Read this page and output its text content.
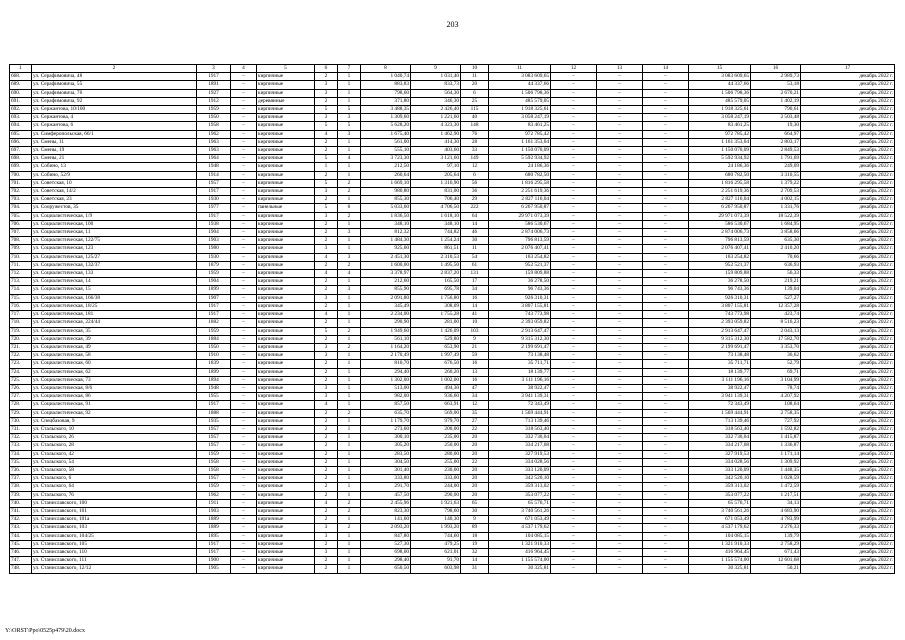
203
1	2	3	4	5	6	7	8	9	10	11	12	13	14	15	16	17
668.	ул. Серафимовича, 48	1917	–	кирпичные	2	1	1 040,74	1 031,40	11	3 083 609,65	–	–	–	3 083 609,65	2 989,73	декабрь 2022 г.
689.	ул. Серафимовича, 55	1891	–	кирпичные	3	1	883,83	833,73	20	44 337,66	–	–	–	44 337,66	53,18	декабрь 2022 г.
690.	ул. Серафимовича, 76	1927	–	кирпичные	3	1	798,60	564,30	6	1 506 798,36	–	–	–	1 506 798,36	2 670,21	декабрь 2022 г.
691.	ул. Серафимовича, 92	1912	–	деревянные	2	1	371,80	346,30	25	485 579,05	–	–	–	485 579,05	1 402,19	декабрь 2022 г.
692.	ул. Сержантова, 10/100	1959	–	кирпичные	5	5	3 488,35	2 426,40	115	1 918 325,61	–	–	–	1 918 325,61	790,61	декабрь 2022 г.
693.	ул. Сержантова, 4	1950	–	кирпичные	3	3	1 309,60	1 221,60	40	3 058 247,19	–	–	–	3 058 247,19	2 503,48	декабрь 2022 г.
694.	ул. Сержантова, 6	1958	–	кирпичные	5	5	5 628,20	4 323,30	148	83 461,25	–	–	–	83 461,25	19,30	декабрь 2022 г.
695.	ул. Симферопольская, 66/1	1962	–	кирпичные	4	3	1 675,40	1 462,90	76	972 785,42	–	–	–	972 785,42	664,97	декабрь 2022 г.
696.	ул. Смены, 11	1963	–	кирпичные	2	1	561,00	414,30	28	1 161 353,04	–	–	–	1 161 353,04	2 803,17	декабрь 2022 г.
697.	ул. Смены, 19	1963	–	кирпичные	2	1	555,10	403,60	33	1 150 070,09	–	–	–	1 150 070,09	2 849,53	декабрь 2022 г.
698.	ул. Смены, 21	1964	–	кирпичные	5	4	3 723,30	3 121,60	149	5 592 934,92	–	–	–	5 592 934,92	1 791,69	декабрь 2022 г.
699.	ул. Собино, 13	1948	–	кирпичные	1	1	212,50	97,10	12	24 186,36	–	–	–	24 186,36	249,09	декабрь 2022 г.
700.	ул. Собино, 52/9	1914	–	кирпичные	2	1	260,64	205,64	6	680 782,50	–	–	–	680 782,50	3 310,55	декабрь 2022 г.
701.	ул. Советская, 10	1957	–	кирпичные	5	2	1 669,10	1 316,90	56	1 816 295,58	–	–	–	1 816 295,58	1 379,22	декабрь 2022 г.
702.	ул. Советская, 14/2	1917	–	кирпичные	3	2	980,80	831,00	36	2 251 619,36	–	–	–	2 251 619,36	2 709,53	декабрь 2022 г.
703.	ул. Советская, 23	1930	–	кирпичные	2	1	855,30	706,40	29	2 827 116,04	–	–	–	2 827 116,04	4 002,15	декабрь 2022 г.
704.	ул. Сооружестов, 35	1977	–	панельные	5	6	5 033,60	4 706,50	222	6 267 950,87	–	–	–	6 267 950,87	1 331,76	декабрь 2022 г.
705.	ул. Социалистическая, 1/9	1917	–	кирпичные	3	2	1 836,50	1 618,10	64	29 971 073,39	–	–	–	29 971 073,39	18 522,39	декабрь 2022 г.
706.	ул. Социалистическая, 100	1938	–	кирпичные	2	1	348,10	348,10	14	586 530,67	–	–	–	586 530,67	1 684,95	декабрь 2022 г.
707.	ул. Социалистическая, 11	1904	–	кирпичные	2	3	812,32	744,82	46	2 874 006,73	–	–	–	2 874 006,73	3 858,66	декабрь 2022 г.
708.	ул. Социалистическая, 122/75	1903	–	кирпичные	2	1	1 484,30	1 254,24	30	796 813,59	–	–	–	796 813,59	635,30	декабрь 2022 г.
709.	ул. Социалистическая, 123	1980	–	кирпичные	3	1	925,60	861,51	11	2 076 407,41	–	–	–	2 076 407,41	2 410,20	декабрь 2022 г.
710.	ул. Социалистическая, 125/27	1930	–	кирпичные	4	3	2 451,30	2 310,53	54	163 254,82	–	–	–	163 254,82	70,66	декабрь 2022 г.
711.	ул. Социалистическая, 132/37	1879	–	кирпичные	2	2	1 600,00	1 495,50	61	952 521,37	–	–	–	952 521,37	636,93	декабрь 2022 г.
712.	ул. Социалистическая, 133	1959	–	кирпичные	4	4	3 378,97	2 837,20	131	159 809,88	–	–	–	159 809,88	56,33	декабрь 2022 г.
713.	ул. Социалистическая, 14	1904	–	кирпичные	2	1	212,60	165,50	17	36 278,50	–	–	–	36 278,50	219,21	декабрь 2022 г.
714.	ул. Социалистическая, 15	1899	–	кирпичные	2	3	855,90	695,78	34	96 743,36	–	–	–	96 743,36	139,04	декабрь 2022 г.
715.	ул. Социалистическая, 166/38	1907	–	кирпичные	3	1	2 091,80	1 756,80	16	926 310,31	–	–	–	926 310,31	527,27	декабрь 2022 г.
716.	ул. Социалистическая, 18/25	1917	–	кирпичные	2	1	345,49	308,09	14	3 807 155,81	–	–	–	3 807 155,81	12 357,28	декабрь 2022 г.
717.	ул. Социалистическая, 181	1917	–	кирпичные	4	1	2 234,00	1 755,28	41	743 773,98	–	–	–	743 773,98	423,74	декабрь 2022 г.
718.	ул. Социалистическая, 224/44	1882	–	кирпичные	2	1	290,90	281,00	10	2 393 059,82	–	–	–	2 393 059,82	8 516,23	декабрь 2022 г.
719.	ул. Социалистическая, 35	1959	–	кирпичные	5	2	1 949,60	1 426,09	103	2 913 647,47	–	–	–	2 913 647,47	2 043,13	декабрь 2022 г.
720.	ул. Социалистическая, 39	1884	–	кирпичные	2	1	561,10	529,80	9	9 315 312,30	–	–	–	9 315 312,30	17 582,70	декабрь 2022 г.
721.	ул. Социалистическая, 49	1950	–	кирпичные	3	2	1 164,20	653,90	21	2 199 691,47	–	–	–	2 199 691,47	3 353,70	декабрь 2022 г.
722.	ул. Социалистическая, 58	1910	–	кирпичные	3	1	2 170,49	1 997,49	59	73 138,48	–	–	–	73 138,48	36,62	декабрь 2022 г.
723.	ул. Социалистическая, 60	1839	–	кирпичные	2	1	810,70	676,50	16	35 711,71	–	–	–	35 711,71	52,79	декабрь 2022 г.
724.	ул. Социалистическая, 62	1899	–	кирпичные	2	1	294,40	260,20	13	18 139,77	–	–	–	18 139,77	69,71	декабрь 2022 г.
725.	ул. Социалистическая, 73	1894	–	кирпичные	2	1	1 302,00	1 002,00	16	3 111 196,16	–	–	–	3 111 196,16	3 104,99	декабрь 2022 г.
726.	ул. Социалистическая, 8/6	1948	–	кирпичные	3	1	513,00	494,30	47	38 922,47	–	–	–	38 922,47	78,74	декабрь 2022 г.
727.	ул. Социалистическая, 86	1955	–	кирпичные	3	1	982,00	936,60	34	3 941 139,31	–	–	–	3 941 139,31	4 207,92	декабрь 2022 г.
728.	ул. Социалистическая, 91	1917	–	кирпичные	4	1	857,50	663,91	12	72 343,49	–	–	–	72 343,49	108,64	декабрь 2022 г.
729.	ул. Социалистическая, 92	1888	–	кирпичные	2	2	635,70	569,00	35	1 569 444,91	–	–	–	1 569 444,91	2 758,35	декабрь 2022 г.
730.	ул. Спецбазовая, 9	1935	–	кирпичные	2	1	1 179,70	979,70	27	713 139,46	–	–	–	713 139,46	727,92	декабрь 2022 г.
731.	ул. Стальского, 10	1957	–	кирпичные	2	1	273,60	200,00	22	318 563,40	–	–	–	318 563,40	1 592,82	декабрь 2022 г.
732.	ул. Стальского, 26	1957	–	кирпичные	2	1	300,10	235,00	20	332 730,04	–	–	–	332 730,04	1 415,87	декабрь 2022 г.
733.	ул. Стальского, 28	1957	–	кирпичные	2	1	305,20	250,00	20	334 217,08	–	–	–	334 217,08	1 336,87	декабрь 2022 г.
734.	ул. Стальского, 42	1959	–	кирпичные	2	1	283,50	280,00	20	327 919,53	–	–	–	327 919,53	1 171,14	декабрь 2022 г.
735.	ул. Стальского, 54	1958	–	кирпичные	2	1	304,50	255,00	22	334 028,56	–	–	–	334 028,56	1 309,92	декабрь 2022 г.
736.	ул. Стальского, 58	1958	–	кирпичные	2	1	301,40	230,00	20	333 120,09	–	–	–	333 120,09	1 448,35	декабрь 2022 г.
737.	ул. Стальского, 6	1957	–	кирпичные	2	1	333,80	333,00	20	342 520,10	–	–	–	342 520,10	1 028,59	декабрь 2022 г.
738.	ул. Стальского, 64	1959	–	кирпичные	2	1	291,70	244,00	20	359 313,02	–	–	–	359 313,02	1 472,59	декабрь 2022 г.
739.	ул. Стальского, 76	1962	–	кирпичные	2	1	457,50	290,00	20	353 077,22	–	–	–	353 077,22	1 217,51	декабрь 2022 г.
740.	ул. Станиславского, 100	1911	–	кирпичные	4	2	2 455,96	1 921,63	65	65 576,71	–	–	–	65 576,71	34,13	декабрь 2022 г.
741.	ул. Станиславского, 101	1903	–	кирпичные	2	2	823,30	798,60	30	3 740 561,26	–	–	–	3 740 561,26	4 683,90	декабрь 2022 г.
742.	ул. Станиславского, 101а	1889	–	кирпичные	2	1	141,60	140,30	9	671 053,49	–	–	–	671 053,49	4 783,99	декабрь 2022 г.
743.	ул. Станиславского, 103	1889	–	кирпичные	3	2	2 093,20	1 993,20	89	4 537 179,62	–	–	–	4 537 179,62	2 276,33	декабрь 2022 г.
744.	ул. Станиславского, 104/25	1895	–	кирпичные	3	1	847,80	744,60	18	104 085,15	–	–	–	104 085,15	139,79	декабрь 2022 г.
745.	ул. Станиславского, 105	1917	–	кирпичные	2	1	527,30	479,25	19	1 321 910,33	–	–	–	1 321 910,33	2 758,29	декабрь 2022 г.
746.	ул. Станиславского, 110	1917	–	кирпичные	3	1	698,00	621,01	32	416 964,45	–	–	–	416 964,45	671,43	декабрь 2022 г.
747.	ул. Станиславского, 111	1900	–	кирпичные	2	1	298,40	91,70	14	1 155 574,00	–	–	–	1 155 574,00	12 601,68	декабрь 2022 г.
748.	ул. Станиславского, 12/12	1905	–	кирпичные	2	1	650,50	603,98	31	30 325,81	–	–	–	30 325,81	50,21	декабрь 2022 г.
Y:\ORST\Ppo\0525p479\20.docx
